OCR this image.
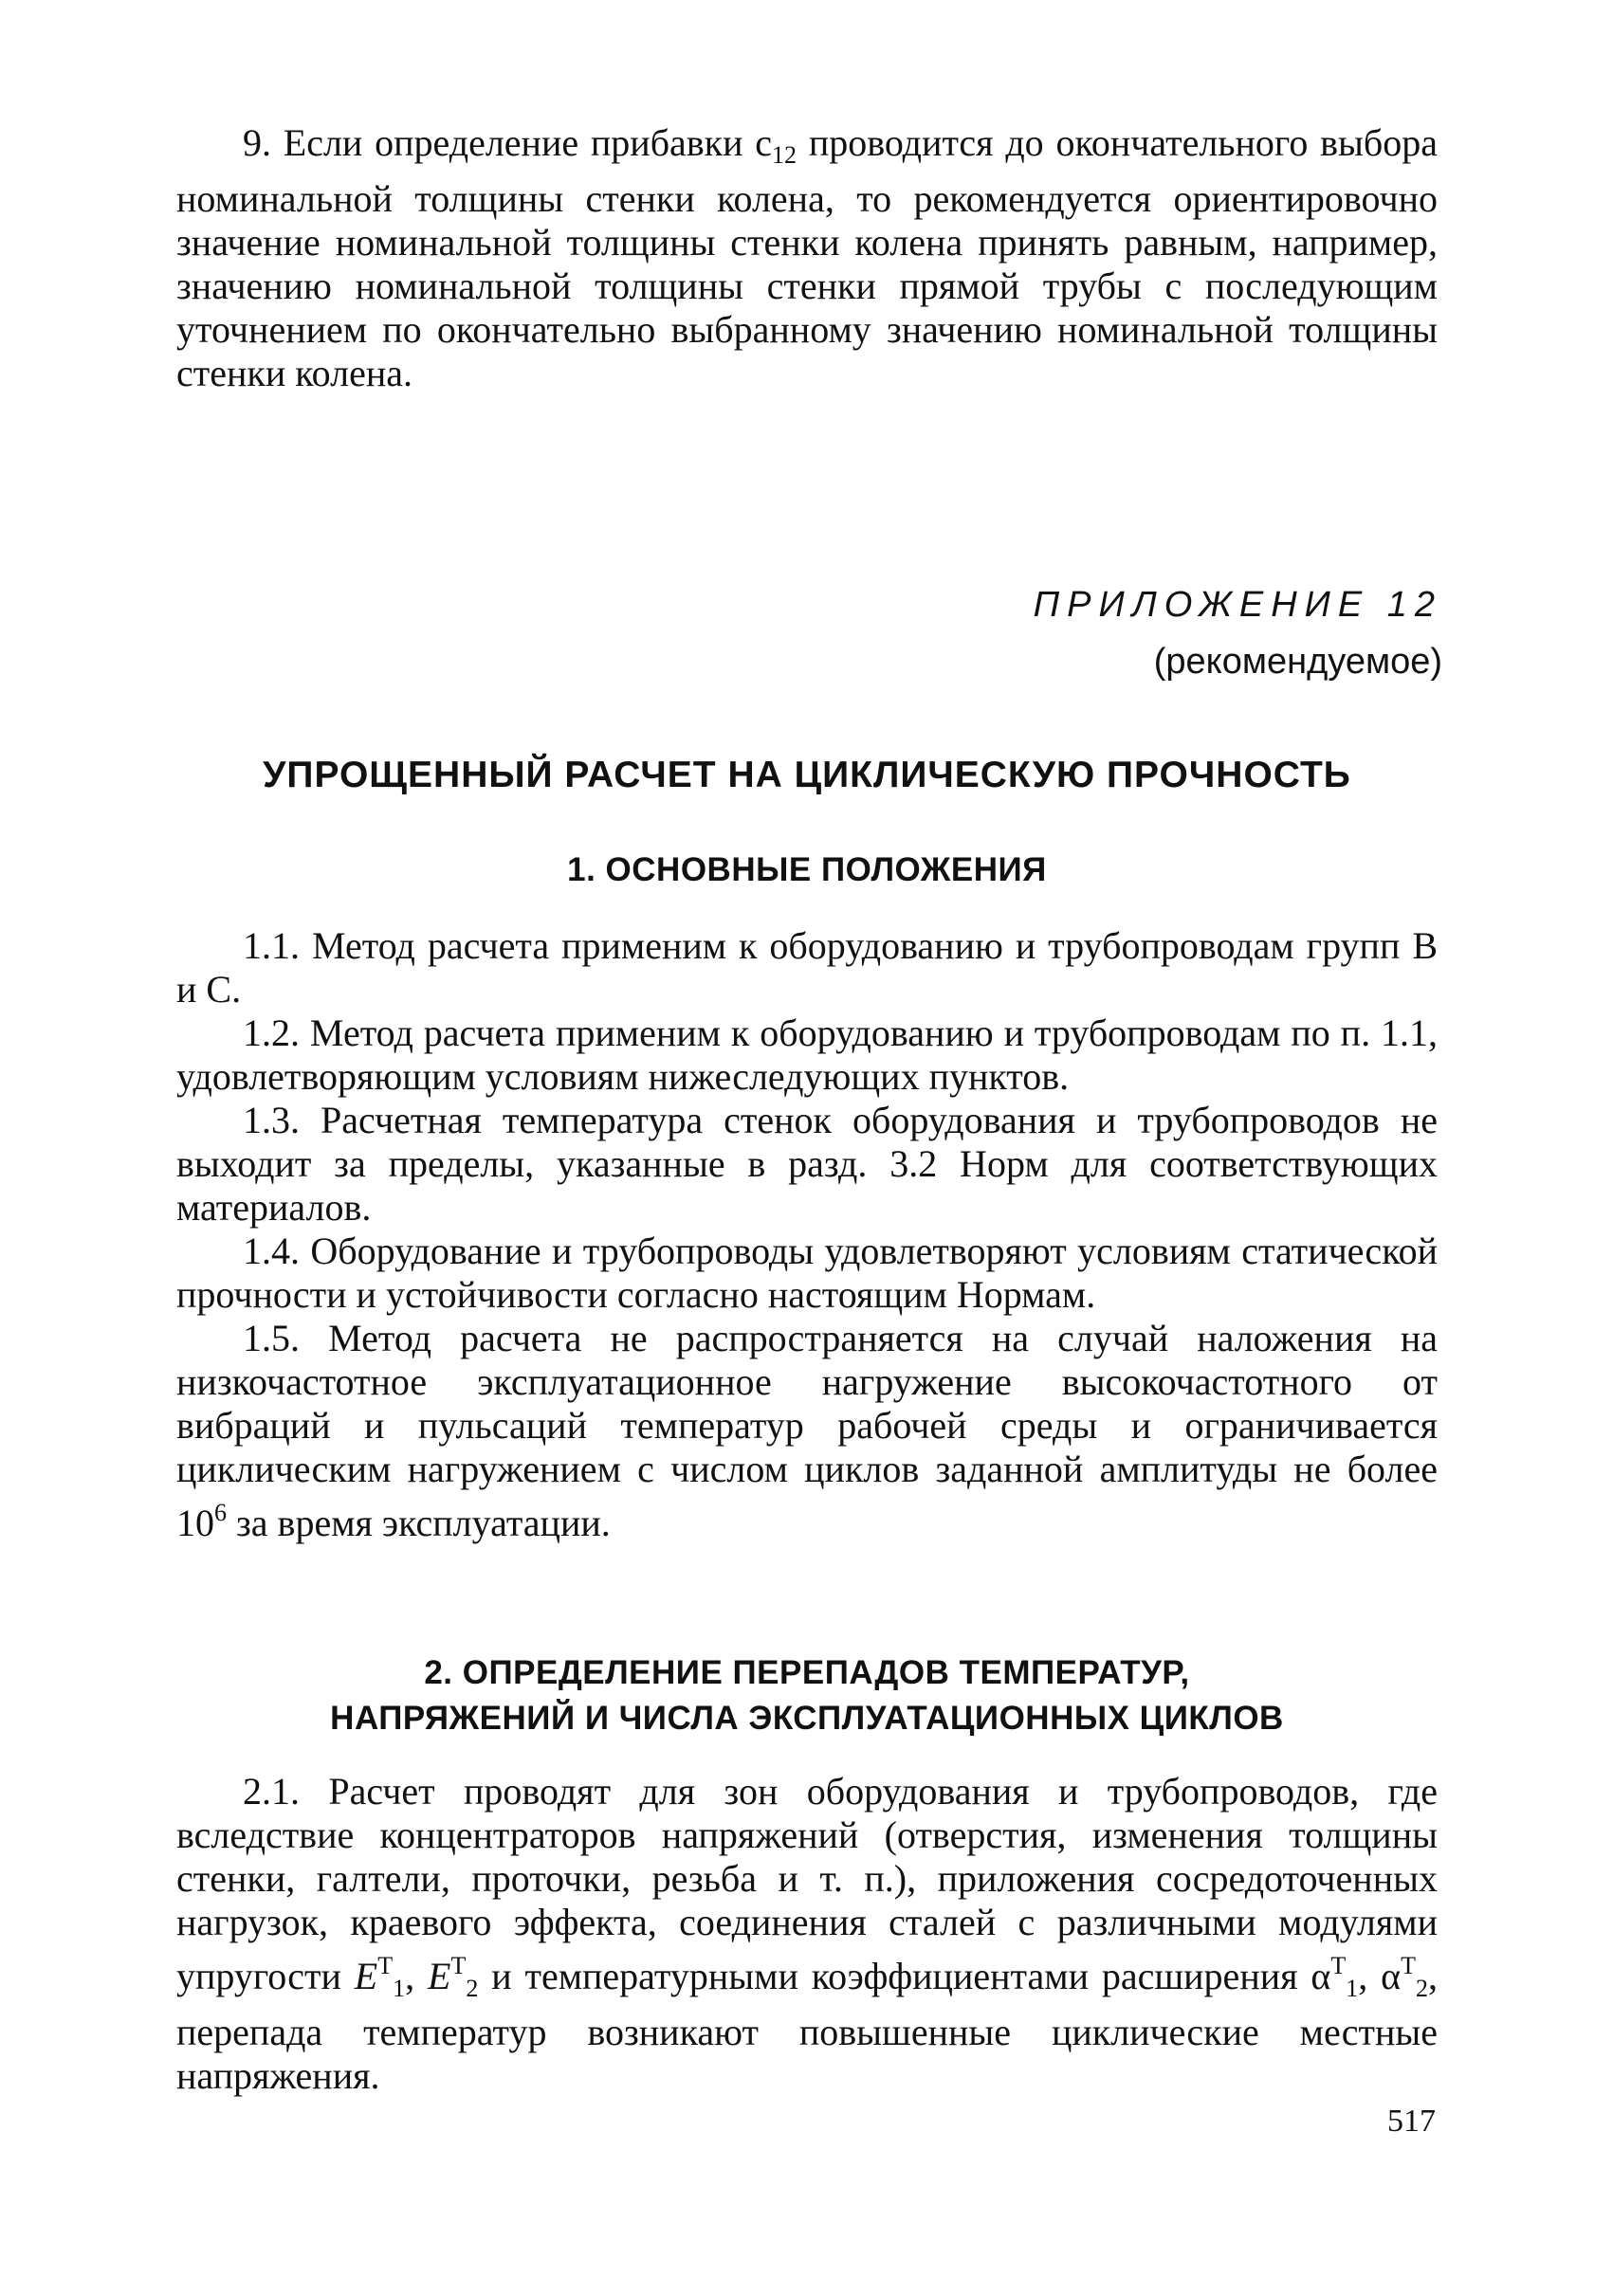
9. Если определение прибавки $c_{12}$ проводится до окончательного выбора номинальной толщины стенки колена, то рекомендуется ориентировочно значение номинальной толщины стенки колена принять равным, например, значению номинальной толщины стенки прямой трубы с последующим уточнением по окончательно выбранному значению номинальной толщины стенки колена.

ПРИЛОЖЕНИЕ 12
(рекомендуемое)
УПРОЩЕННЫЙ РАСЧЕТ НА ЦИКЛИЧЕСКУЮ ПРОЧНОСТЬ
1. ОСНОВНЫЕ ПОЛОЖЕНИЯ

1.1. Метод расчета применим к оборудованию и трубопроводам групп В и С.

1.2. Метод расчета применим к оборудованию и трубопроводам по п. 1.1, удовлетворяющим условиям нижеследующих пунктов.

1.3. Расчетная температура стенок оборудования и трубопроводов не выходит за пределы, указанные в разд. 3.2 Норм для соответствующих материалов.

1.4. Оборудование и трубопроводы удовлетворяют условиям статической прочности и устойчивости согласно настоящим Нормам.

1.5. Метод расчета не распространяется на случай наложения на низкочастотное эксплуатационное нагружение высокочастотного от вибраций и пульсаций температур рабочей среды и ограничивается циклическим нагружением с числом циклов заданной амплитуды не более $10^6$ за время эксплуатации.

2. ОПРЕДЕЛЕНИЕ ПЕРЕПАДОВ ТЕМПЕРАТУР,
НАПРЯЖЕНИЙ И ЧИСЛА ЭКСПЛУАТАЦИОННЫХ ЦИКЛОВ

2.1. Расчет проводят для зон оборудования и трубопроводов, где вследствие концентраторов напряжений (отверстия, изменения толщины стенки, галтели, проточки, резьба и т. п.), приложения сосредоточенных нагрузок, краевого эффекта, соединения сталей с различными модулями упругости $E^T_1$, $E^T_2$ и температурными коэффициентами расширения $\alpha^T_1$, $\alpha^T_2$, перепада температур возникают повышенные циклические местные напряжения.

517
